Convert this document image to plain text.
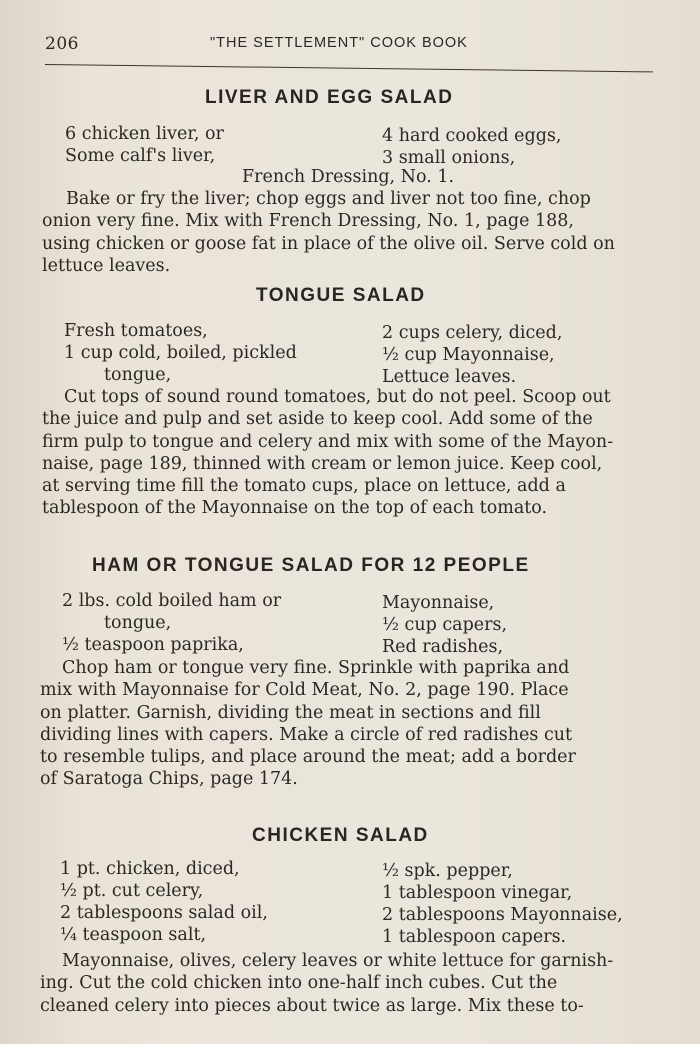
206	"THE SETTLEMENT" COOK BOOK
LIVER AND EGG SALAD
6 chicken liver, or
Some calf's liver,
4 hard cooked eggs,
3 small onions,
French Dressing, No. 1.
Bake or fry the liver; chop eggs and liver not too fine, chop
onion very fine. Mix with French Dressing, No. 1, page 188,
using chicken or goose fat in place of the olive oil. Serve cold on
lettuce leaves.
TONGUE SALAD
Fresh tomatoes,
1 cup cold, boiled, pickled
tongue,
2 cups celery, diced,
½ cup Mayonnaise,
Lettuce leaves.
Cut tops of sound round tomatoes, but do not peel. Scoop out
the juice and pulp and set aside to keep cool. Add some of the
firm pulp to tongue and celery and mix with some of the Mayon-
naise, page 189, thinned with cream or lemon juice. Keep cool,
at serving time fill the tomato cups, place on lettuce, add a
tablespoon of the Mayonnaise on the top of each tomato.
HAM OR TONGUE SALAD FOR 12 PEOPLE
2 lbs. cold boiled ham or
tongue,
½ teaspoon paprika,
Mayonnaise,
½ cup capers,
Red radishes,
Chop ham or tongue very fine. Sprinkle with paprika and
mix with Mayonnaise for Cold Meat, No. 2, page 190. Place
on platter. Garnish, dividing the meat in sections and fill
dividing lines with capers. Make a circle of red radishes cut
to resemble tulips, and place around the meat; add a border
of Saratoga Chips, page 174.
CHICKEN SALAD
1 pt. chicken, diced,
½ pt. cut celery,
2 tablespoons salad oil,
¼ teaspoon salt,
½ spk. pepper,
1 tablespoon vinegar,
2 tablespoons Mayonnaise,
1 tablespoon capers.
Mayonnaise, olives, celery leaves or white lettuce for garnish-
ing. Cut the cold chicken into one-half inch cubes. Cut the
cleaned celery into pieces about twice as large. Mix these to-
